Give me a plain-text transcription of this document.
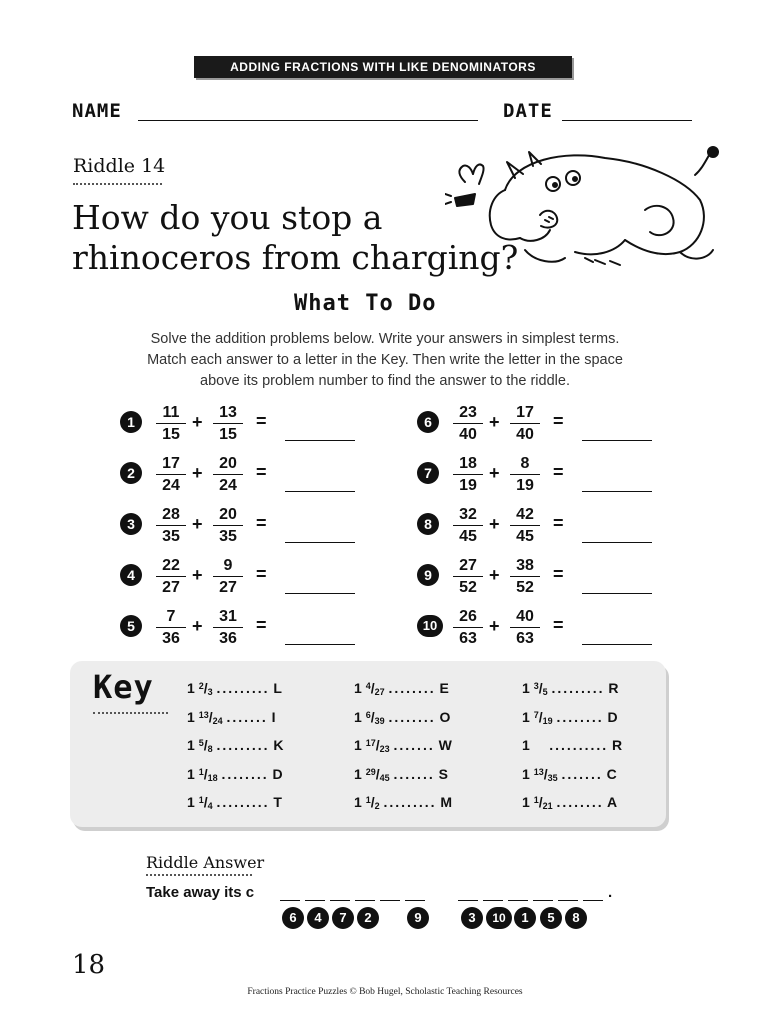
ADDING FRACTIONS WITH LIKE DENOMINATORS
NAME	DATE
Riddle 14
How do you stop a
rhinoceros from charging?
What To Do
Solve the addition problems below. Write your answers in simplest terms.
Match each answer to a letter in the Key. Then write the letter in the space
above its problem number to find the answer to the riddle.
1	$\frac{11}{15} + \frac{13}{15}$ =
2	$\frac{17}{24} + \frac{20}{24}$ =
3	$\frac{28}{35} + \frac{20}{35}$ =
4	$\frac{22}{27} + \frac{9}{27}$ =
5	$\frac{7}{36} + \frac{31}{36}$ =
6	$\frac{23}{40} + \frac{17}{40}$ =
7	$\frac{18}{19} + \frac{8}{19}$ =
8	$\frac{32}{45} + \frac{42}{45}$ =
9	$\frac{27}{52} + \frac{38}{52}$ =
$10 \frac{26}{63} + \frac{40}{63}$ =
Key 1 $^2/_3$ ......... L
1 $^{13}/_{24}$ ....... I
1 $^5/_8$ ......... K
1 $^1/_{18}$ ........ D
1 $^1/_4$ ......... T
1 $^4/_{27}$ ........ E
1 $^6/_{39}$ ........ O
1 $^{17}/_{23}$ ....... W
1 $^{29}/_{45}$ ....... S
1 $^1/_2$ ......... M
1 $^3/_5$ ......... R
1 $^7/_{19}$ ........ D
1 .......... R
1 $^{13}/_{35}$ ....... C
1 $^1/_{21}$ ........ A
Riddle Answer
Take away its c
6	4	7	2	9	3	10	1	5	8
.
18
Fractions Practice Puzzles © Bob Hugel, Scholastic Teaching Resources
